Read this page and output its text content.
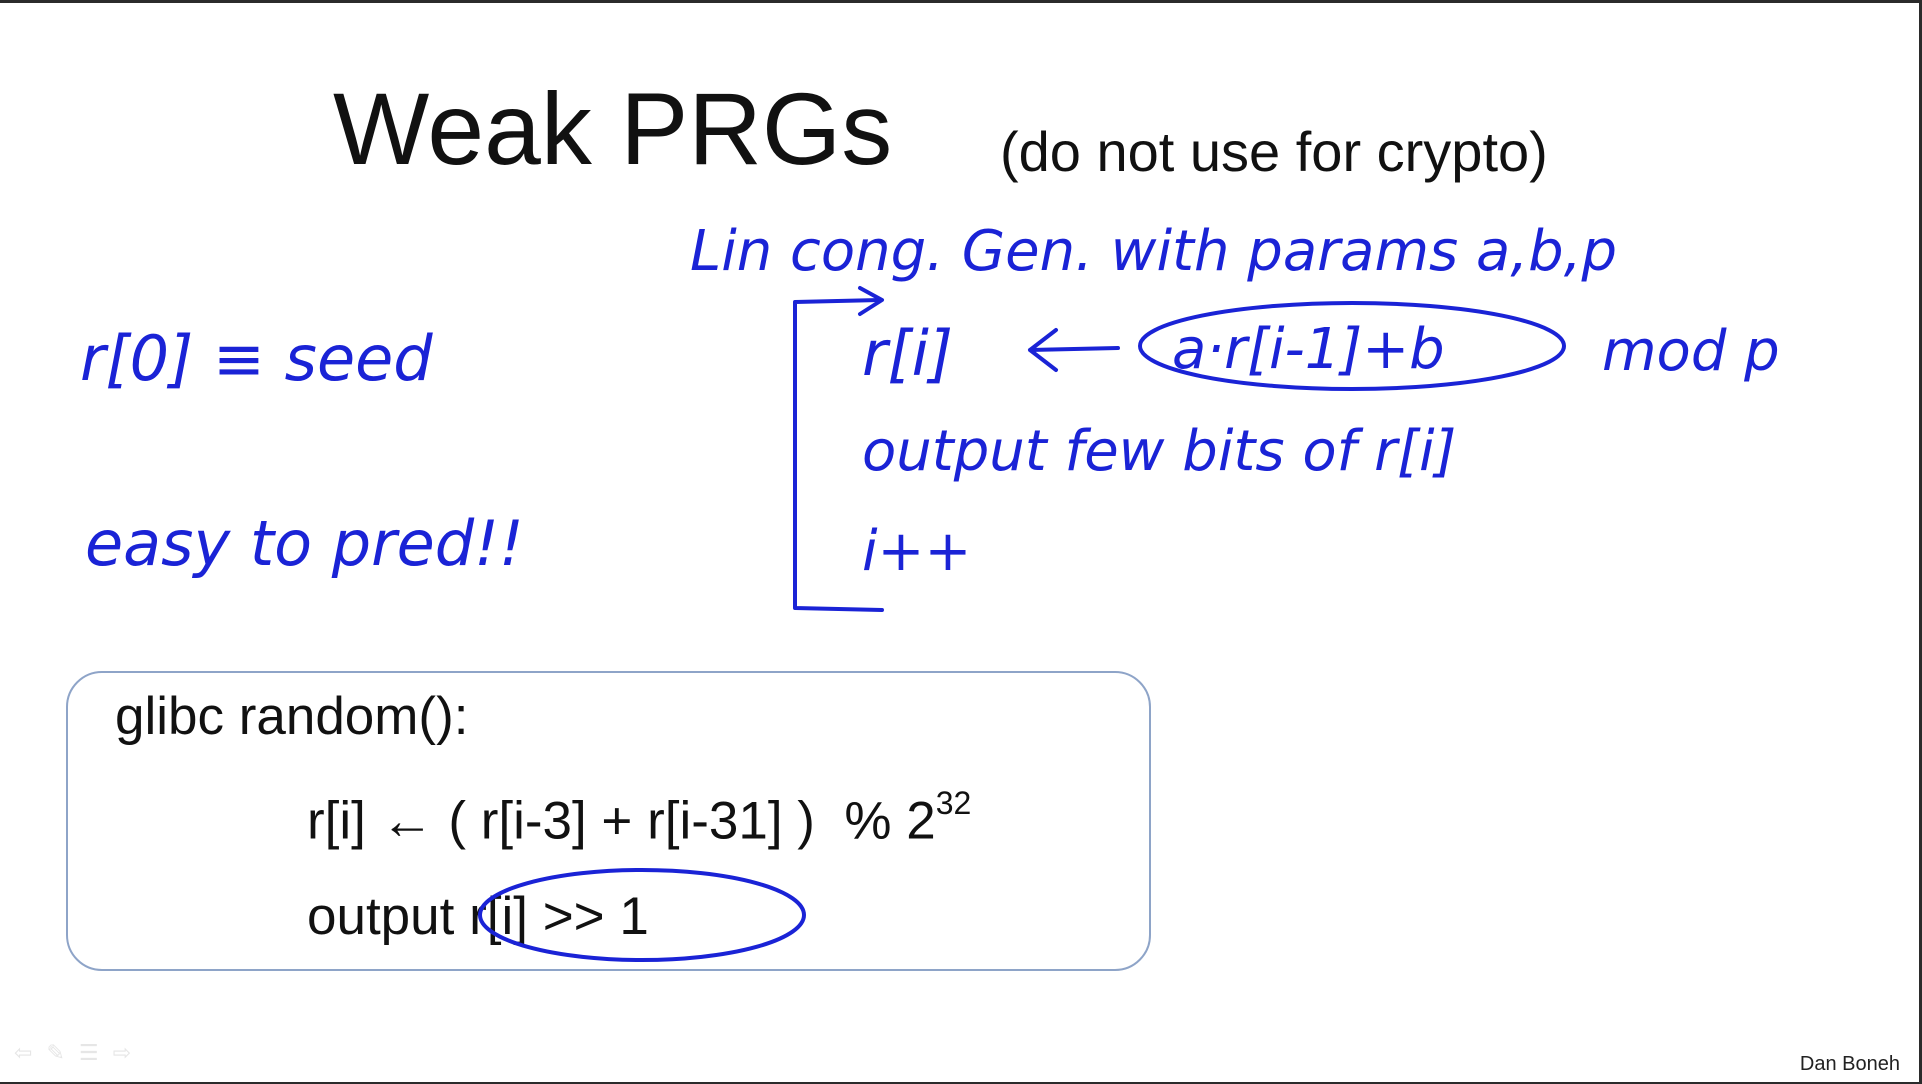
Weak PRGs (do not use for crypto)
glibc random():
r[i] ← ( r[i-3] + r[i-31] )  % $2^{32}$
output r[i] >> 1
r[0] ≡ seed
easy to pred!!
Lin cong. Gen. with params a,b,p
r[i]	a·r[i-1]+b	mod p
output few bits of r[i]
i++
Dan Boneh
⇦ ✎ ☰ ⇨
